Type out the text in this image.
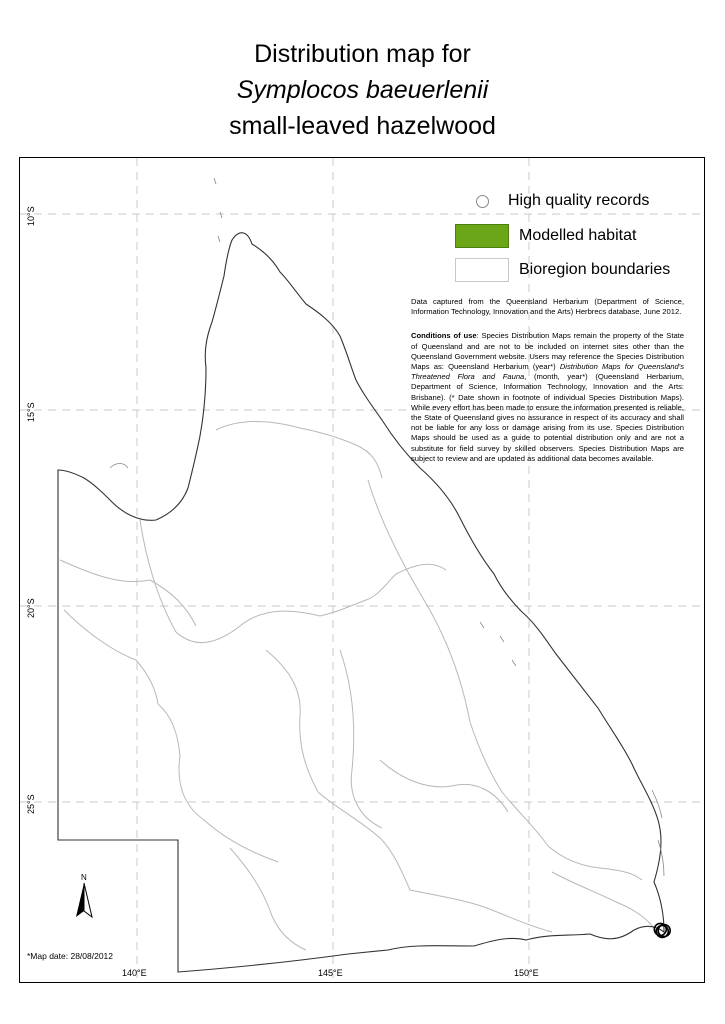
Distribution map for
Symplocos baeuerlenii
small-leaved hazelwood
High quality records
Modelled habitat
Bioregion boundaries

Data captured from the Queensland Herbarium (Department of Science, Information Technology, Innovation and the Arts) Herbrecs database, June 2012.

Conditions of use: Species Distribution Maps remain the property of the State of Queensland and are not to be included on internet sites other than the Queensland Government website. Users may reference the Species Distribution Maps as: Queensland Herbarium (year*) Distribution Maps for Queensland's Threatened Flora and Fauna, (month, year*) (Queensland Herbarium, Department of Science, Information Technology, Innovation and the Arts: Brisbane). (* Date shown in footnote of individual Species Distribution Maps). While every effort has been made to ensure the information presented is reliable, the State of Queensland gives no assurance in respect of its accuracy and shall not be liable for any loss or damage arising from its use. Species Distribution Maps should be used as a guide to potential distribution only and are not a substitute for field survey by skilled observers. Species Distribution Maps are subject to review and are updated as additional data becomes available.

10°S
15°S
20°S
25°S
140°E	145°E	150°E
N
*Map date: 28/08/2012
